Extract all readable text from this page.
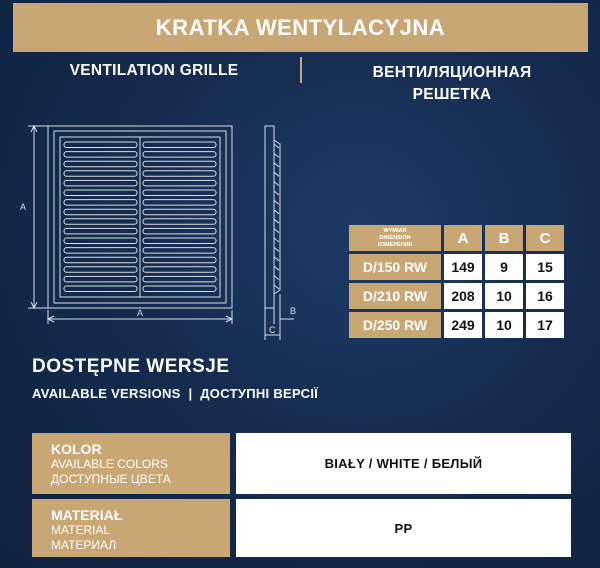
KRATKA WENTYLACYJNA
VENTILATION GRILLE	ВЕНТИЛЯЦИОННАЯ
РЕШЕТКА
A
A	B
C
WYMIAR
DIMENSION
ИЗМЕРЕНИЕ	A	B	C
D/150 RW	149	9	15
D/210 RW	208	10	16
D/250 RW	249	10	17
DOSTĘPNE WERSJE
AVAILABLE VERSIONS  |  ДОСТУПНІ ВЕРСІЇ
KOLOR
AVAILABLE COLORS
ДОСТУПНЫЕ ЦВЕТА
BIAŁY / WHITE / БЕЛЫЙ
MATERIAŁ
MATERIAL
МАТЕРИАЛ
PP
